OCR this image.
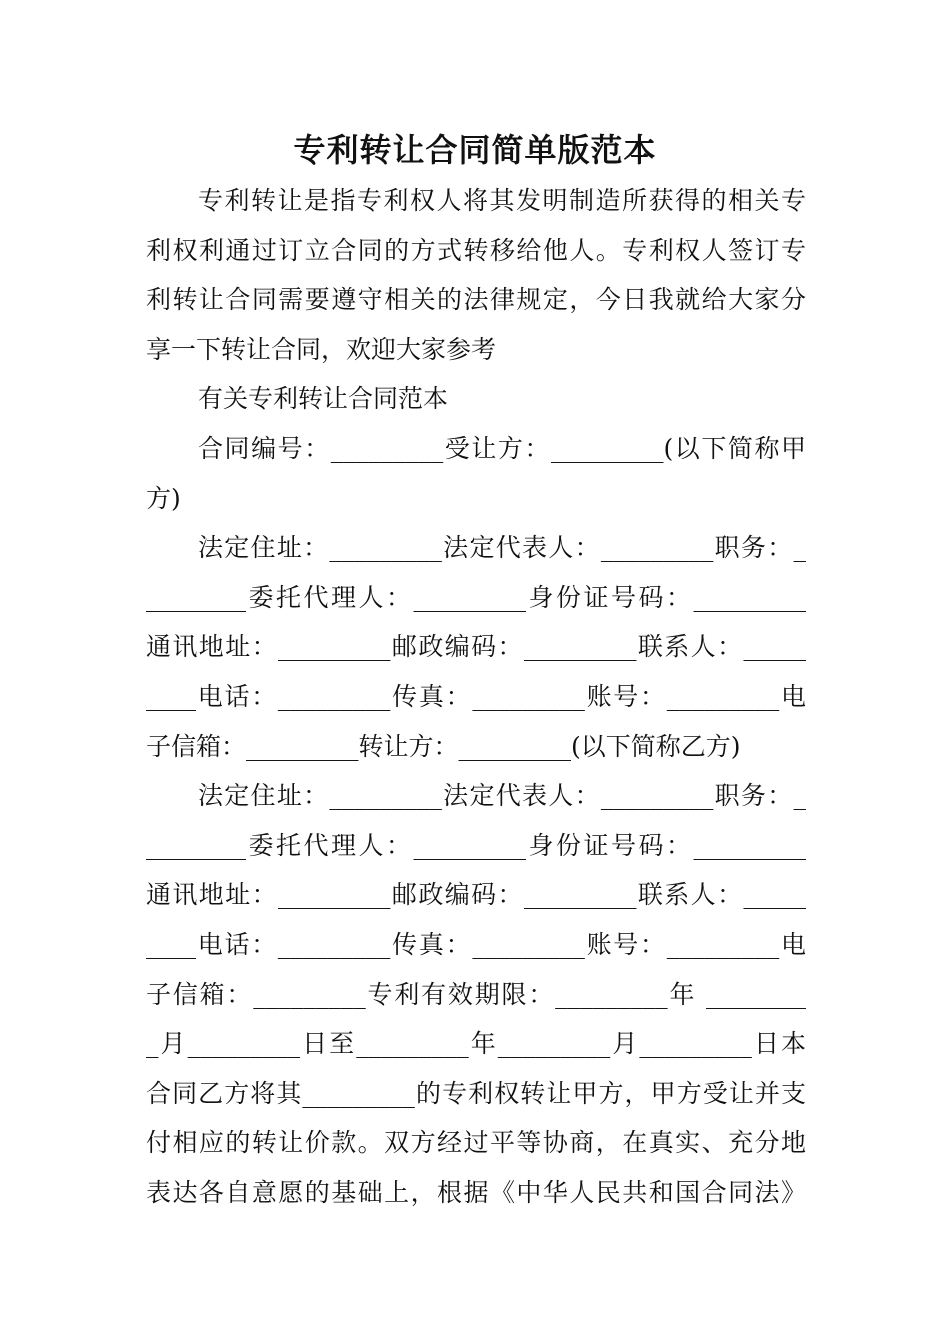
专利转让合同简单版范本
专利转让是指专利权人将其发明制造所获得的相关专
利权利通过订立合同的方式转移给他人。专利权人签订专
利转让合同需要遵守相关的法律规定，今日我就给大家分
享一下转让合同，欢迎大家参考
有关专利转让合同范本
合同编号：_________受让方：_________(以下简称甲
方)
法定住址：_________法定代表人：_________职务：_
________委托代理人：_________身份证号码：_________
通讯地址：_________邮政编码：_________联系人：_____
____电话：_________传真：_________账号：_________电
子信箱：_________转让方：_________(以下简称乙方)
法定住址：_________法定代表人：_________职务：_
________委托代理人：_________身份证号码：_________
通讯地址：_________邮政编码：_________联系人：_____
____电话：_________传真：_________账号：_________电
子信箱：_________专利有效期限：_________年 ________
_月_________日至_________年_________月_________日本
合同乙方将其_________的专利权转让甲方，甲方受让并支
付相应的转让价款。双方经过平等协商，在真实、充分地
表达各自意愿的基础上，根据《中华人民共和国合同法》
